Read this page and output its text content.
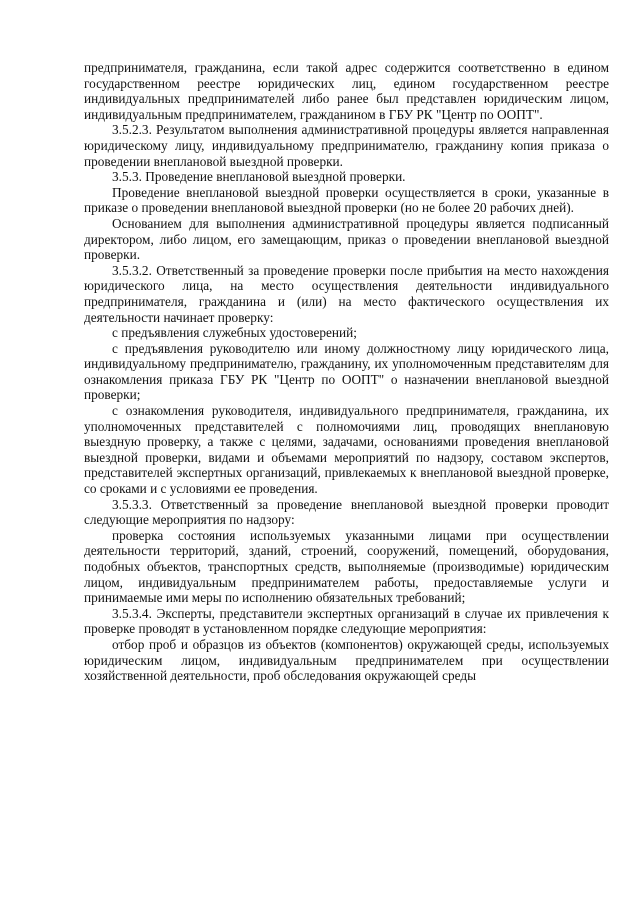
предпринимателя, гражданина, если такой адрес содержится соответственно в едином государственном реестре юридических лиц, едином государственном реестре индивидуальных предпринимателей либо ранее был представлен юридическим лицом, индивидуальным предпринимателем, гражданином в ГБУ РК "Центр по ООПТ".

3.5.2.3. Результатом выполнения административной процедуры является направленная юридическому лицу, индивидуальному предпринимателю, гражданину копия приказа о проведении внеплановой выездной проверки.

3.5.3. Проведение внеплановой выездной проверки.

Проведение внеплановой выездной проверки осуществляется в сроки, указанные в приказе о проведении внеплановой выездной проверки (но не более 20 рабочих дней).

Основанием для выполнения административной процедуры является подписанный директором, либо лицом, его замещающим, приказ о проведении внеплановой выездной проверки.

3.5.3.2. Ответственный за проведение проверки после прибытия на место нахождения юридического лица, на место осуществления деятельности индивидуального предпринимателя, гражданина и (или) на место фактического осуществления их деятельности начинает проверку:

с предъявления служебных удостоверений;

с предъявления руководителю или иному должностному лицу юридического лица, индивидуальному предпринимателю, гражданину, их уполномоченным представителям для ознакомления приказа ГБУ РК "Центр по ООПТ" о назначении внеплановой выездной проверки;

с ознакомления руководителя, индивидуального предпринимателя, гражданина, их уполномоченных представителей с полномочиями лиц, проводящих внеплановую выездную проверку, а также с целями, задачами, основаниями проведения внеплановой выездной проверки, видами и объемами мероприятий по надзору, составом экспертов, представителей экспертных организаций, привлекаемых к внеплановой выездной проверке, со сроками и с условиями ее проведения.

3.5.3.3. Ответственный за проведение внеплановой выездной проверки проводит следующие мероприятия по надзору:

проверка состояния используемых указанными лицами при осуществлении деятельности территорий, зданий, строений, сооружений, помещений, оборудования, подобных объектов, транспортных средств, выполняемые (производимые) юридическим лицом, индивидуальным предпринимателем работы, предоставляемые услуги и принимаемые ими меры по исполнению обязательных требований;

3.5.3.4. Эксперты, представители экспертных организаций в случае их привлечения к проверке проводят в установленном порядке следующие мероприятия:

отбор проб и образцов из объектов (компонентов) окружающей среды, используемых юридическим лицом, индивидуальным предпринимателем при осуществлении хозяйственной деятельности, проб обследования окружающей среды
